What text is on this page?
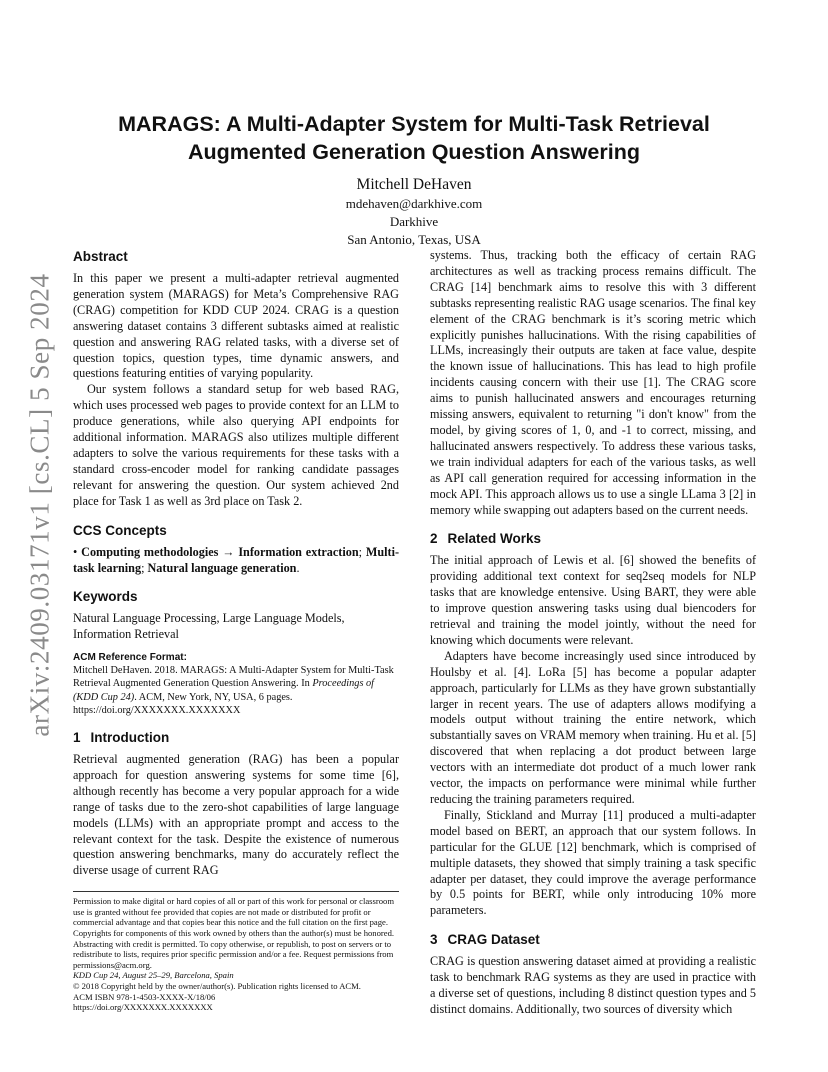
arXiv:2409.03171v1 [cs.CL] 5 Sep 2024
MARAGS: A Multi-Adapter System for Multi-Task Retrieval
Augmented Generation Question Answering
Mitchell DeHaven
mdehaven@darkhive.com
Darkhive
San Antonio, Texas, USA
Abstract

In this paper we present a multi-adapter retrieval augmented generation system (MARAGS) for Meta’s Comprehensive RAG (CRAG) competition for KDD CUP 2024. CRAG is a question answering dataset contains 3 different subtasks aimed at realistic question and answering RAG related tasks, with a diverse set of question topics, question types, time dynamic answers, and questions featuring entities of varying popularity.

Our system follows a standard setup for web based RAG, which uses processed web pages to provide context for an LLM to produce generations, while also querying API endpoints for additional information. MARAGS also utilizes multiple different adapters to solve the various requirements for these tasks with a standard cross-encoder model for ranking candidate passages relevant for answering the question. Our system achieved 2nd place for Task 1 as well as 3rd place on Task 2.

CCS Concepts

• Computing methodologies → Information extraction; Multi-task learning; Natural language generation.

Keywords

Natural Language Processing, Large Language Models, Information Retrieval

ACM Reference Format:

Mitchell DeHaven. 2018. MARAGS: A Multi-Adapter System for Multi-Task Retrieval Augmented Generation Question Answering. In Proceedings of (KDD Cup 24). ACM, New York, NY, USA, 6 pages. https://doi.org/XXXXXXX.XXXXXXX

1 Introduction

Retrieval augmented generation (RAG) has been a popular approach for question answering systems for some time [6], although recently has become a very popular approach for a wide range of tasks due to the zero-shot capabilities of large language models (LLMs) with an appropriate prompt and access to the relevant context for the task. Despite the existence of numerous question answering benchmarks, many do accurately reflect the diverse usage of current RAG

Permission to make digital or hard copies of all or part of this work for personal or classroom use is granted without fee provided that copies are not made or distributed for profit or commercial advantage and that copies bear this notice and the full citation on the first page. Copyrights for components of this work owned by others than the author(s) must be honored. Abstracting with credit is permitted. To copy otherwise, or republish, to post on servers or to redistribute to lists, requires prior specific permission and/or a fee. Request permissions from permissions@acm.org.

KDD Cup 24, August 25–29, Barcelona, Spain

© 2018 Copyright held by the owner/author(s). Publication rights licensed to ACM.

ACM ISBN 978-1-4503-XXXX-X/18/06

https://doi.org/XXXXXXX.XXXXXXX

systems. Thus, tracking both the efficacy of certain RAG architectures as well as tracking process remains difficult. The CRAG [14] benchmark aims to resolve this with 3 different subtasks representing realistic RAG usage scenarios. The final key element of the CRAG benchmark is it’s scoring metric which explicitly punishes hallucinations. With the rising capabilities of LLMs, increasingly their outputs are taken at face value, despite the known issue of hallucinations. This has lead to high profile incidents causing concern with their use [1]. The CRAG score aims to punish hallucinated answers and encourages returning missing answers, equivalent to returning "i don't know" from the model, by giving scores of 1, 0, and -1 to correct, missing, and hallucinated answers respectively. To address these various tasks, we train individual adapters for each of the various tasks, as well as API call generation required for accessing information in the mock API. This approach allows us to use a single LLama 3 [2] in memory while swapping out adapters based on the current needs.

2 Related Works

The initial approach of Lewis et al. [6] showed the benefits of providing additional text context for seq2seq models for NLP tasks that are knowledge entensive. Using BART, they were able to improve question answering tasks using dual biencoders for retrieval and training the model jointly, without the need for knowing which documents were relevant.

Adapters have become increasingly used since introduced by Houlsby et al. [4]. LoRa [5] has become a popular adapter approach, particularly for LLMs as they have grown substantially larger in recent years. The use of adapters allows modifying a models output without training the entire network, which substantially saves on VRAM memory when training. Hu et al. [5] discovered that when replacing a dot product between large vectors with an intermediate dot product of a much lower rank vector, the impacts on performance were minimal while further reducing the training parameters required.

Finally, Stickland and Murray [11] produced a multi-adapter model based on BERT, an approach that our system follows. In particular for the GLUE [12] benchmark, which is comprised of multiple datasets, they showed that simply training a task specific adapter per dataset, they could improve the average performance by 0.5 points for BERT, while only introducing 10% more parameters.

3 CRAG Dataset

CRAG is question answering dataset aimed at providing a realistic task to benchmark RAG systems as they are used in practice with a diverse set of questions, including 8 distinct question types and 5 distinct domains. Additionally, two sources of diversity which
